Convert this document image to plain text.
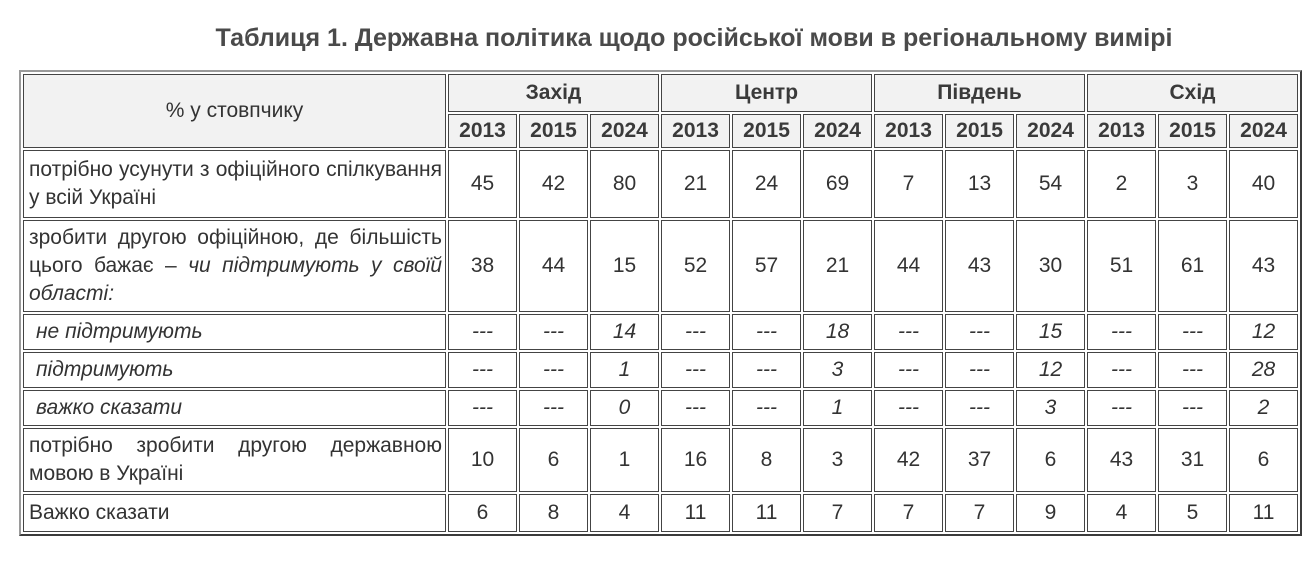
Таблиця 1. Державна політика щодо російської мови в регіональному вимірі
% у стовпчику	Захід			Центр			Південь			Схід		
	2013	2015	2024	2013	2015	2024	2013	2015	2024	2013	2015	2024
потрібно усунути з офіційного спілкування у всій Україні	45	42	80	21	24	69	7	13	54	2	3	40
зробити другою офіційною, де більшість цього бажає – чи підтримують у своїй області:	38	44	15	52	57	21	44	43	30	51	61	43
не підтримують	---	---	14	---	---	18	---	---	15	---	---	12
підтримують	---	---	1	---	---	3	---	---	12	---	---	28
важко сказати	---	---	0	---	---	1	---	---	3	---	---	2
потрібно зробити другою державною мовою в Україні	10	6	1	16	8	3	42	37	6	43	31	6
Важко сказати	6	8	4	11	11	7	7	7	9	4	5	11
